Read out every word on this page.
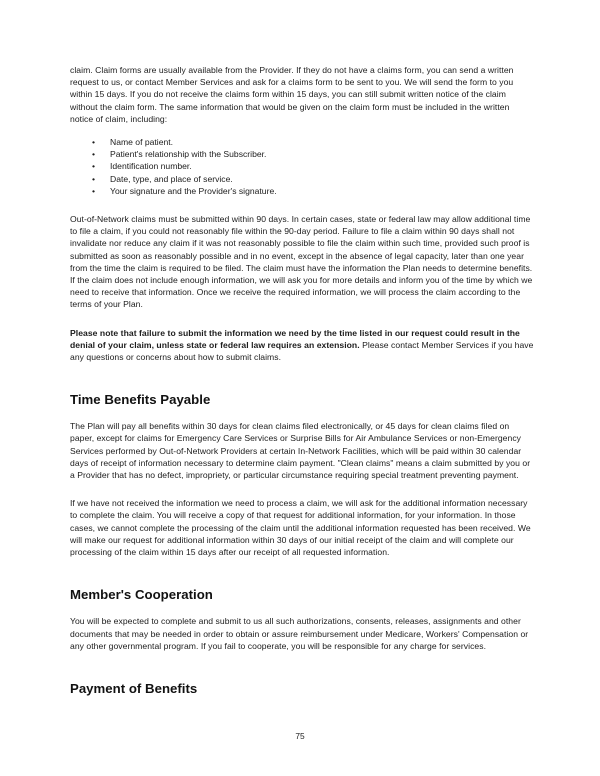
claim. Claim forms are usually available from the Provider. If they do not have a claims form, you can send a written request to us, or contact Member Services and ask for a claims form to be sent to you. We will send the form to you within 15 days. If you do not receive the claims form within 15 days, you can still submit written notice of the claim without the claim form. The same information that would be given on the claim form must be included in the written notice of claim, including:

• Name of patient.
• Patient's relationship with the Subscriber.
• Identification number.
• Date, type, and place of service.
• Your signature and the Provider's signature.

Out-of-Network claims must be submitted within 90 days. In certain cases, state or federal law may allow additional time to file a claim, if you could not reasonably file within the 90-day period. Failure to file a claim within 90 days shall not invalidate nor reduce any claim if it was not reasonably possible to file the claim within such time, provided such proof is submitted as soon as reasonably possible and in no event, except in the absence of legal capacity, later than one year from the time the claim is required to be filed. The claim must have the information the Plan needs to determine benefits. If the claim does not include enough information, we will ask you for more details and inform you of the time by which we need to receive that information. Once we receive the required information, we will process the claim according to the terms of your Plan.

Please note that failure to submit the information we need by the time listed in our request could result in the denial of your claim, unless state or federal law requires an extension. Please contact Member Services if you have any questions or concerns about how to submit claims.

Time Benefits Payable

The Plan will pay all benefits within 30 days for clean claims filed electronically, or 45 days for clean claims filed on paper, except for claims for Emergency Care Services or Surprise Bills for Air Ambulance Services or non-Emergency Services performed by Out-of-Network Providers at certain In-Network Facilities, which will be paid within 30 calendar days of receipt of information necessary to determine claim payment. "Clean claims" means a claim submitted by you or a Provider that has no defect, impropriety, or particular circumstance requiring special treatment preventing payment.

If we have not received the information we need to process a claim, we will ask for the additional information necessary to complete the claim. You will receive a copy of that request for additional information, for your information. In those cases, we cannot complete the processing of the claim until the additional information requested has been received. We will make our request for additional information within 30 days of our initial receipt of the claim and will complete our processing of the claim within 15 days after our receipt of all requested information.

Member's Cooperation

You will be expected to complete and submit to us all such authorizations, consents, releases, assignments and other documents that may be needed in order to obtain or assure reimbursement under Medicare, Workers' Compensation or any other governmental program. If you fail to cooperate, you will be responsible for any charge for services.

Payment of Benefits
75
